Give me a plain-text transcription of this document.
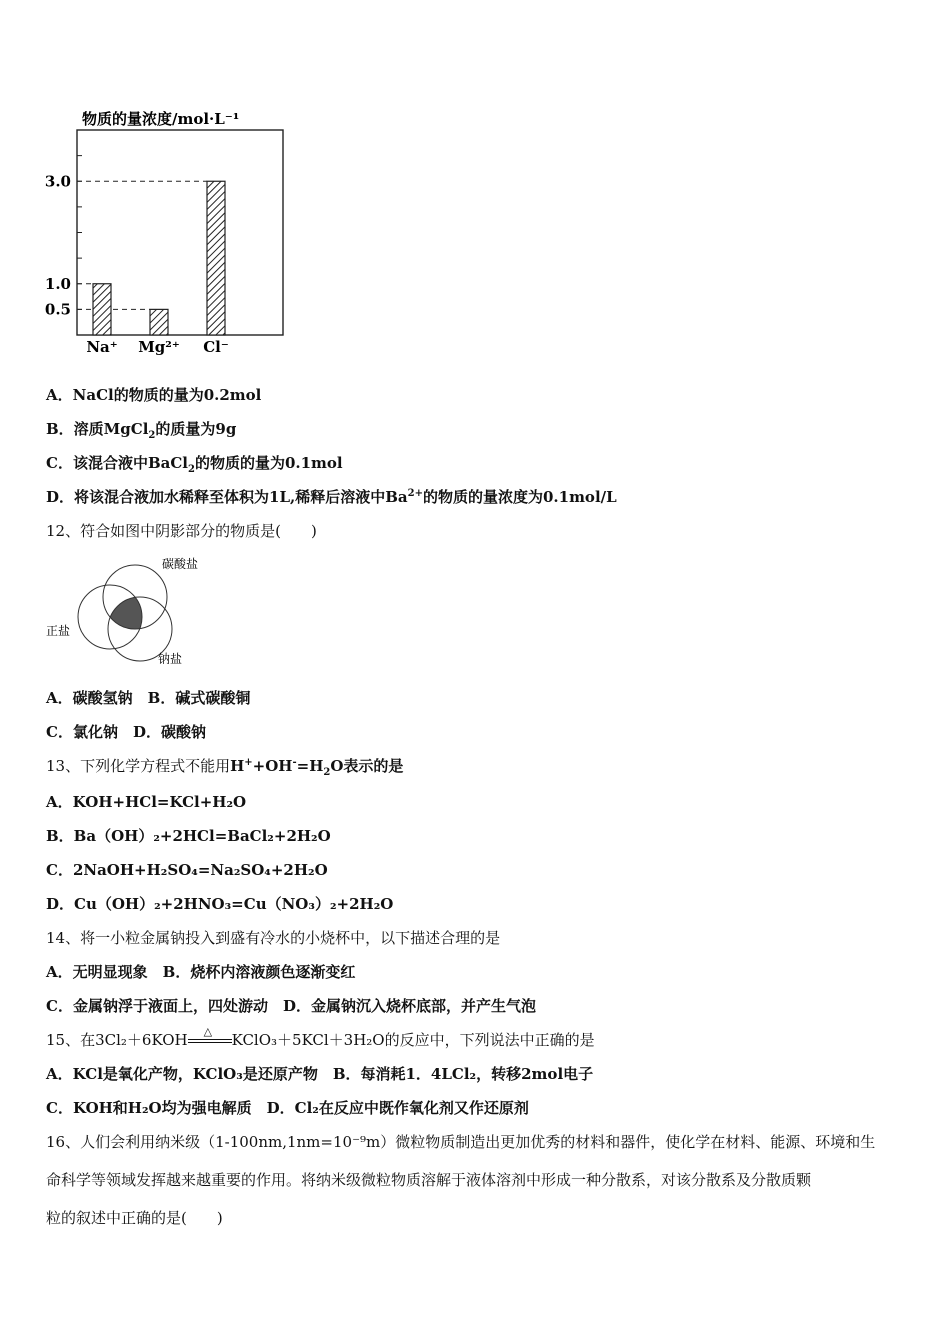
物质的量浓度/mol·L⁻¹
Na⁺ Mg²⁺ Cl⁻
3.0
1.0
0.5
A．NaCl的物质的量为0.2mol
B．溶质MgCl$_2$的质量为9g
C．该混合液中BaCl$_2$的物质的量为0.1mol
D．将该混合液加水稀释至体积为1L,稀释后溶液中$Ba^{2+}$的物质的量浓度为0.1mol/L
12、符合如图中阴影部分的物质是(　　)
碳酸盐
正盐
钠盐
A．碳酸氢钠　B．碱式碳酸铜
C．氯化钠　D．碳酸钠
13、下列化学方程式不能用$H^++OH^-=H_2O$表示的是
A．KOH+HCl=KCl+H₂O
B．Ba（OH）₂+2HCl=BaCl₂+2H₂O
C．2NaOH+H₂SO₄=Na₂SO₄+2H₂O
D．Cu（OH）₂+2HNO₃=Cu（NO₃）₂+2H₂O
14、将一小粒金属钠投入到盛有冷水的小烧杯中，以下描述合理的是
A．无明显现象　B．烧杯内溶液颜色逐渐变红
C．金属钠浮于液面上，四处游动　D．金属钠沉入烧杯底部，并产生气泡
15、在3Cl₂＋6KOH △ KClO₃＋5KCl＋3H₂O的反应中，下列说法中正确的是
A．KCl是氧化产物，KClO₃是还原产物　B．每消耗1．4LCl₂，转移2mol电子
C．KOH和H₂O均为强电解质　D．Cl₂在反应中既作氧化剂又作还原剂
16、人们会利用纳米级（1-100nm,1nm=10⁻⁹m）微粒物质制造出更加优秀的材料和器件，使化学在材料、能源、环境和生
命科学等领域发挥越来越重要的作用。将纳米级微粒物质溶解于液体溶剂中形成一种分散系，对该分散系及分散质颗
粒的叙述中正确的是(　　)
